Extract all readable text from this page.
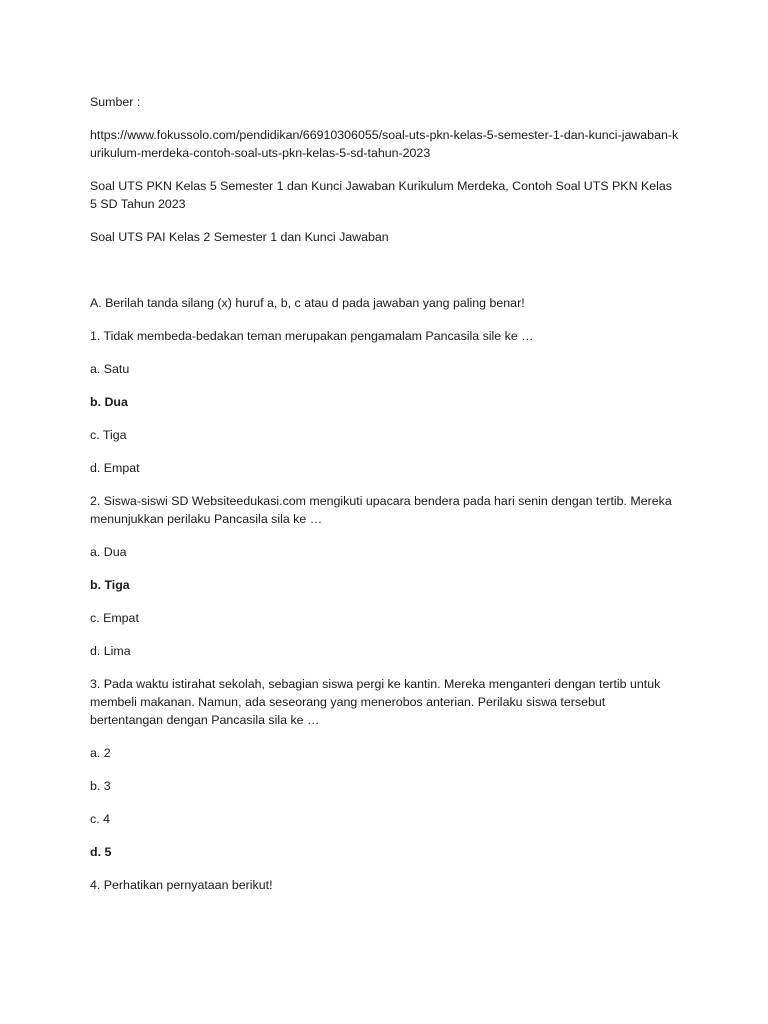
Sumber :

https://www.fokussolo.com/pendidikan/66910306055/soal-uts-pkn-kelas-5-semester-1-dan-kunci-jawaban-kurikulum-merdeka-contoh-soal-uts-pkn-kelas-5-sd-tahun-2023

Soal UTS PKN Kelas 5 Semester 1 dan Kunci Jawaban Kurikulum Merdeka, Contoh Soal UTS PKN Kelas 5 SD Tahun 2023

Soal UTS PAI Kelas 2 Semester 1 dan Kunci Jawaban

A. Berilah tanda silang (x) huruf a, b, c atau d pada jawaban yang paling benar!

1. Tidak membeda-bedakan teman merupakan pengamalam Pancasila sile ke …

a. Satu

b. Dua

c. Tiga

d. Empat

2. Siswa-siswi SD Websiteedukasi.com mengikuti upacara bendera pada hari senin dengan tertib. Mereka menunjukkan perilaku Pancasila sila ke …

a. Dua

b. Tiga

c. Empat

d. Lima

3. Pada waktu istirahat sekolah, sebagian siswa pergi ke kantin. Mereka menganteri dengan tertib untuk membeli makanan. Namun, ada seseorang yang menerobos anterian. Perilaku siswa tersebut bertentangan dengan Pancasila sila ke …

a. 2

b. 3

c. 4

d. 5

4. Perhatikan pernyataan berikut!
